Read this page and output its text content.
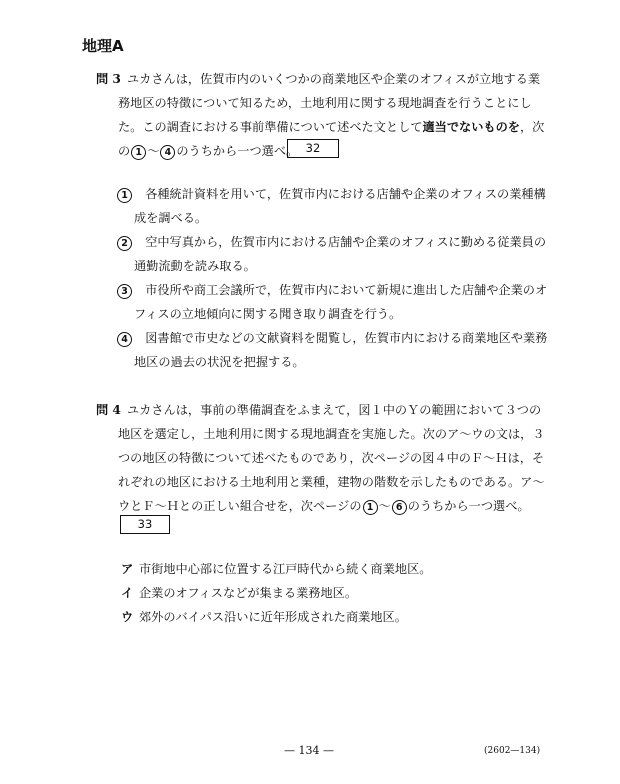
地理A
問 3 ユカさんは，佐賀市内のいくつかの商業地区や企業のオフィスが立地する業
務地区の特徴について知るため，土地利用に関する現地調査を行うことにし
た。この調査における事前準備について述べた文として適当でないものを，次
の 1 〜 4 のうちから一つ選べ。 32
1　 各種統計資料を用いて，佐賀市内における店舗や企業のオフィスの業種構
成を調べる。
2　 空中写真から，佐賀市内における店舗や企業のオフィスに勤める従業員の
通勤流動を読み取る。
3　 市役所や商工会議所で，佐賀市内において新規に進出した店舗や企業のオ
フィスの立地傾向に関する聞き取り調査を行う。
4　 図書館で市史などの文献資料を閲覧し，佐賀市内における商業地区や業務
地区の過去の状況を把握する。
問 4 ユカさんは，事前の準備調査をふまえて，図１中のＹの範囲において３つの
地区を選定し，土地利用に関する現地調査を実施した。次のア〜ウの文は，３
つの地区の特徴について述べたものであり，次ページの図４中のＦ〜Ｈは，そ
れぞれの地区における土地利用と業種，建物の階数を示したものである。ア〜
ウとＦ〜Ｈとの正しい組合せを，次ページの 1 〜 6 のうちから一つ選べ。
33
ア 市街地中心部に位置する江戸時代から続く商業地区。
イ 企業のオフィスなどが集まる業務地区。
ウ 郊外のバイパス沿いに近年形成された商業地区。
— 134 —	(2602—134)
